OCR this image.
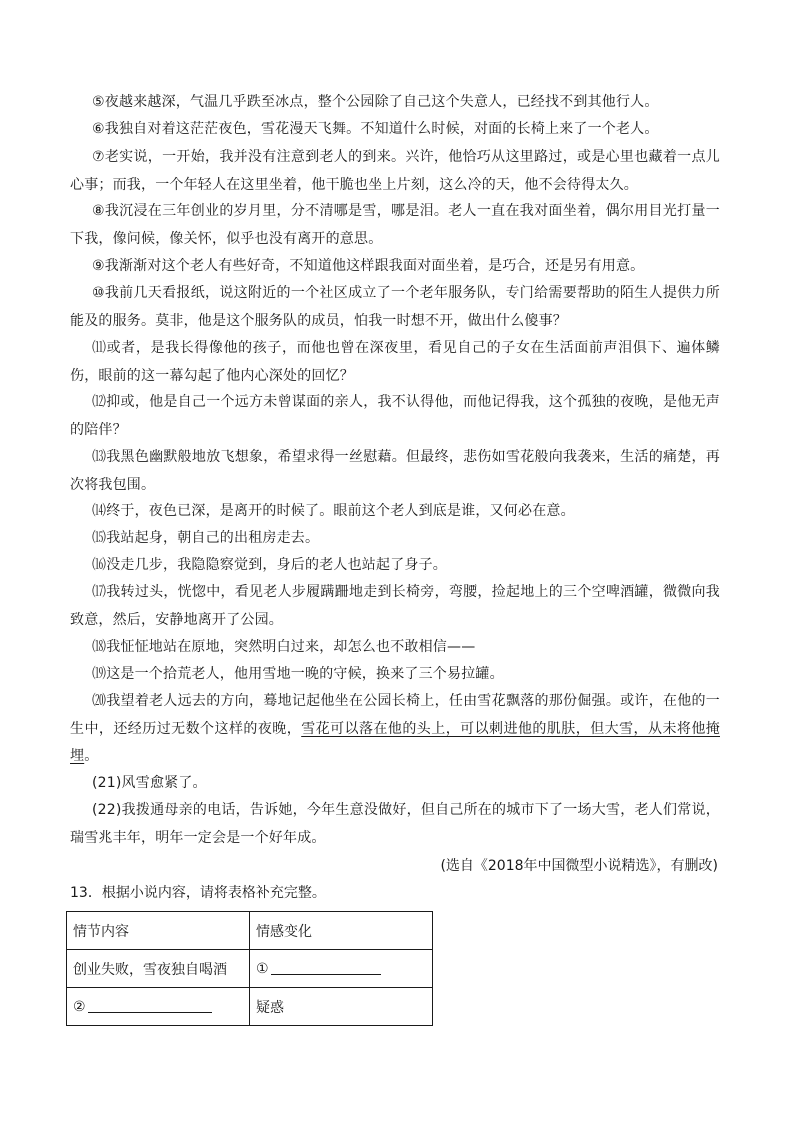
⑤夜越来越深，气温几乎跌至冰点，整个公园除了自己这个失意人，已经找不到其他行人。

⑥我独自对着这茫茫夜色，雪花漫天飞舞。不知道什么时候，对面的长椅上来了一个老人。

⑦老实说，一开始，我并没有注意到老人的到来。兴许，他恰巧从这里路过，或是心里也藏着一点儿心事；而我，一个年轻人在这里坐着，他干脆也坐上片刻，这么冷的天，他不会待得太久。

⑧我沉浸在三年创业的岁月里，分不清哪是雪，哪是泪。老人一直在我对面坐着，偶尔用目光打量一下我，像问候，像关怀，似乎也没有离开的意思。

⑨我渐渐对这个老人有些好奇，不知道他这样跟我面对面坐着，是巧合，还是另有用意。

⑩我前几天看报纸，说这附近的一个社区成立了一个老年服务队，专门给需要帮助的陌生人提供力所能及的服务。莫非，他是这个服务队的成员，怕我一时想不开，做出什么傻事？

⑾或者，是我长得像他的孩子，而他也曾在深夜里，看见自己的子女在生活面前声泪俱下、遍体鳞伤，眼前的这一幕勾起了他内心深处的回忆？

⑿抑或，他是自己一个远方未曾谋面的亲人，我不认得他，而他记得我，这个孤独的夜晚，是他无声的陪伴？

⒀我黑色幽默般地放飞想象，希望求得一丝慰藉。但最终，悲伤如雪花般向我袭来，生活的痛楚，再次将我包围。

⒁终于，夜色已深，是离开的时候了。眼前这个老人到底是谁，又何必在意。

⒂我站起身，朝自己的出租房走去。

⒃没走几步，我隐隐察觉到，身后的老人也站起了身子。

⒄我转过头，恍惚中，看见老人步履蹒跚地走到长椅旁，弯腰，捡起地上的三个空啤酒罐，微微向我致意，然后，安静地离开了公园。

⒅我怔怔地站在原地，突然明白过来，却怎么也不敢相信——

⒆这是一个拾荒老人，他用雪地一晚的守候，换来了三个易拉罐。

⒇我望着老人远去的方向，蓦地记起他坐在公园长椅上，任由雪花飘落的那份倔强。或许，在他的一生中，还经历过无数个这样的夜晚，雪花可以落在他的头上，可以刺进他的肌肤，但大雪，从未将他掩埋。

(21)风雪愈紧了。

(22)我拨通母亲的电话，告诉她，今年生意没做好，但自己所在的城市下了一场大雪，老人们常说，瑞雪兆丰年，明年一定会是一个好年成。

(选自《2018年中国微型小说精选》，有删改)

13．根据小说内容，请将表格补充完整。

情节内容	情感变化
创业失败，雪夜独自喝酒	①
②	疑惑
